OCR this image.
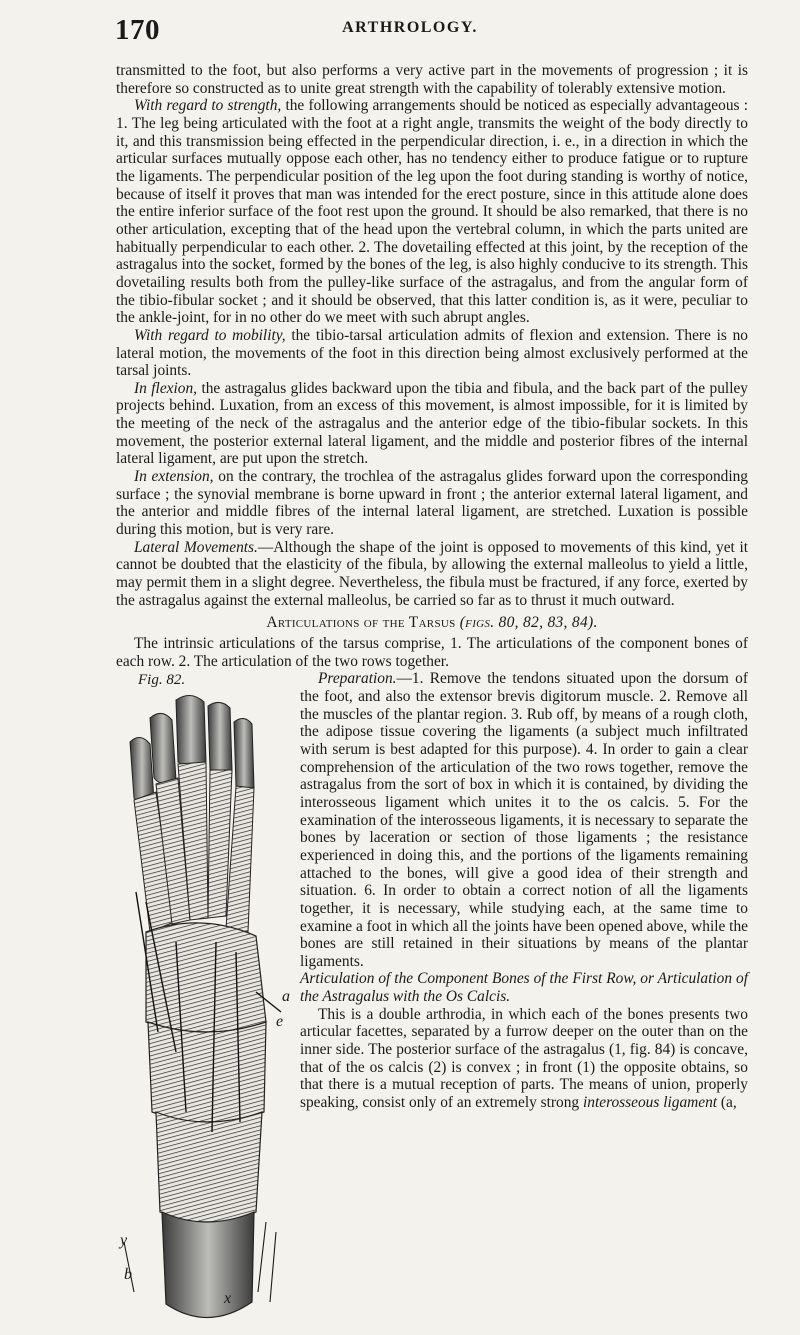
170	ARTHROLOGY.

transmitted to the foot, but also performs a very active part in the movements of progression ; it is therefore so constructed as to unite great strength with the capability of tolerably extensive motion.

With regard to strength, the following arrangements should be noticed as especially advantageous : 1. The leg being articulated with the foot at a right angle, transmits the weight of the body directly to it, and this transmission being effected in the perpendicular direction, i. e., in a direction in which the articular surfaces mutually oppose each other, has no tendency either to produce fatigue or to rupture the ligaments. The perpendicular position of the leg upon the foot during standing is worthy of notice, because of itself it proves that man was intended for the erect posture, since in this attitude alone does the entire inferior surface of the foot rest upon the ground. It should be also remarked, that there is no other articulation, excepting that of the head upon the vertebral column, in which the parts united are habitually perpendicular to each other. 2. The dovetailing effected at this joint, by the reception of the astragalus into the socket, formed by the bones of the leg, is also highly conducive to its strength. This dovetailing results both from the pulley-like surface of the astragalus, and from the angular form of the tibio-fibular socket ; and it should be observed, that this latter condition is, as it were, peculiar to the ankle-joint, for in no other do we meet with such abrupt angles.

With regard to mobility, the tibio-tarsal articulation admits of flexion and extension. There is no lateral motion, the movements of the foot in this direction being almost exclusively performed at the tarsal joints.

In flexion, the astragalus glides backward upon the tibia and fibula, and the back part of the pulley projects behind. Luxation, from an excess of this movement, is almost impossible, for it is limited by the meeting of the neck of the astragalus and the anterior edge of the tibio-fibular sockets. In this movement, the posterior external lateral ligament, and the middle and posterior fibres of the internal lateral ligament, are put upon the stretch.

In extension, on the contrary, the trochlea of the astragalus glides forward upon the corresponding surface ; the synovial membrane is borne upward in front ; the anterior external lateral ligament, and the anterior and middle fibres of the internal lateral ligament, are stretched. Luxation is possible during this motion, but is very rare.

Lateral Movements.—Although the shape of the joint is opposed to movements of this kind, yet it cannot be doubted that the elasticity of the fibula, by allowing the external malleolus to yield a little, may permit them in a slight degree. Nevertheless, the fibula must be fractured, if any force, exerted by the astragalus against the external malleolus, be carried so far as to thrust it much outward.

Articulations of the Tarsus (figs. 80, 82, 83, 84).

The intrinsic articulations of the tarsus comprise, 1. The articulations of the component bones of each row. 2. The articulation of the two rows together.

Fig. 82.
a
e
y
b
x

Preparation.—1. Remove the tendons situated upon the dorsum of the foot, and also the extensor brevis digitorum muscle. 2. Remove all the muscles of the plantar region. 3. Rub off, by means of a rough cloth, the adipose tissue covering the ligaments (a subject much infiltrated with serum is best adapted for this purpose). 4. In order to gain a clear comprehension of the articulation of the two rows together, remove the astragalus from the sort of box in which it is contained, by dividing the interosseous ligament which unites it to the os calcis. 5. For the examination of the interosseous ligaments, it is necessary to separate the bones by laceration or section of those ligaments ; the resistance experienced in doing this, and the portions of the ligaments remaining attached to the bones, will give a good idea of their strength and situation. 6. In order to obtain a correct notion of all the ligaments together, it is necessary, while studying each, at the same time to examine a foot in which all the joints have been opened above, while the bones are still retained in their situations by means of the plantar ligaments.

Articulation of the Component Bones of the First Row, or Articulation of the Astragalus with the Os Calcis.

This is a double arthrodia, in which each of the bones presents two articular facettes, separated by a furrow deeper on the outer than on the inner side. The posterior surface of the astragalus (1, fig. 84) is concave, that of the os calcis (2) is convex ; in front (1) the opposite obtains, so that there is a mutual reception of parts. The means of union, properly speaking, consist only of an extremely strong interosseous ligament (a,
